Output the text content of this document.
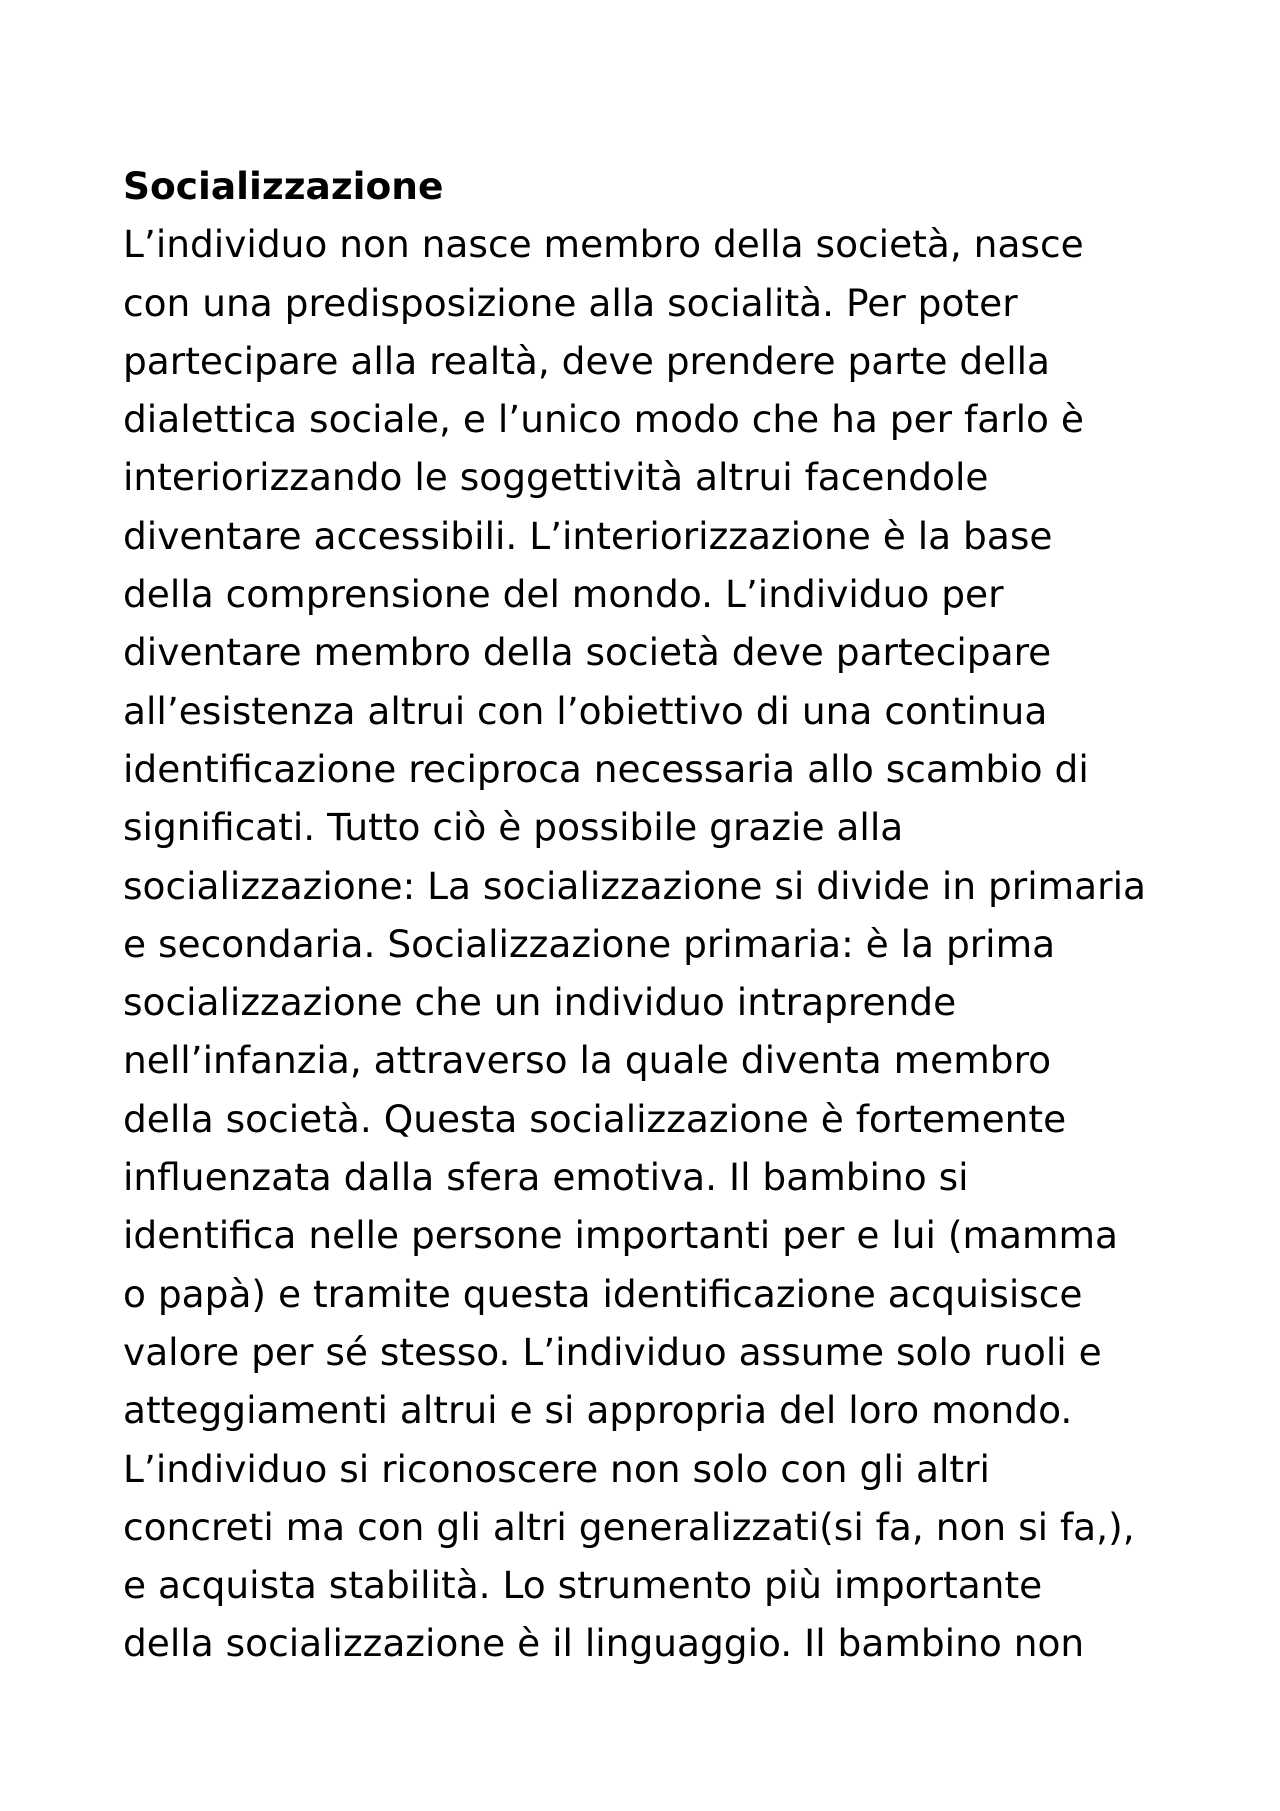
Socializzazione
L’individuo non nasce membro della società, nasce
con una predisposizione alla socialità. Per poter
partecipare alla realtà, deve prendere parte della
dialettica sociale, e l’unico modo che ha per farlo è
interiorizzando le soggettività altrui facendole
diventare accessibili. L’interiorizzazione è la base
della comprensione del mondo. L’individuo per
diventare membro della società deve partecipare
all’esistenza altrui con l’obiettivo di una continua
identificazione reciproca necessaria allo scambio di
significati. Tutto ciò è possibile grazie alla
socializzazione: La socializzazione si divide in primaria
e secondaria. Socializzazione primaria: è la prima
socializzazione che un individuo intraprende
nell’infanzia, attraverso la quale diventa membro
della società. Questa socializzazione è fortemente
influenzata dalla sfera emotiva. Il bambino si
identifica nelle persone importanti per e lui (mamma
o papà) e tramite questa identificazione acquisisce
valore per sé stesso. L’individuo assume solo ruoli e
atteggiamenti altrui e si appropria del loro mondo.
L’individuo si riconoscere non solo con gli altri
concreti ma con gli altri generalizzati(si fa, non si fa,),
e acquista stabilità. Lo strumento più importante
della socializzazione è il linguaggio. Il bambino non
